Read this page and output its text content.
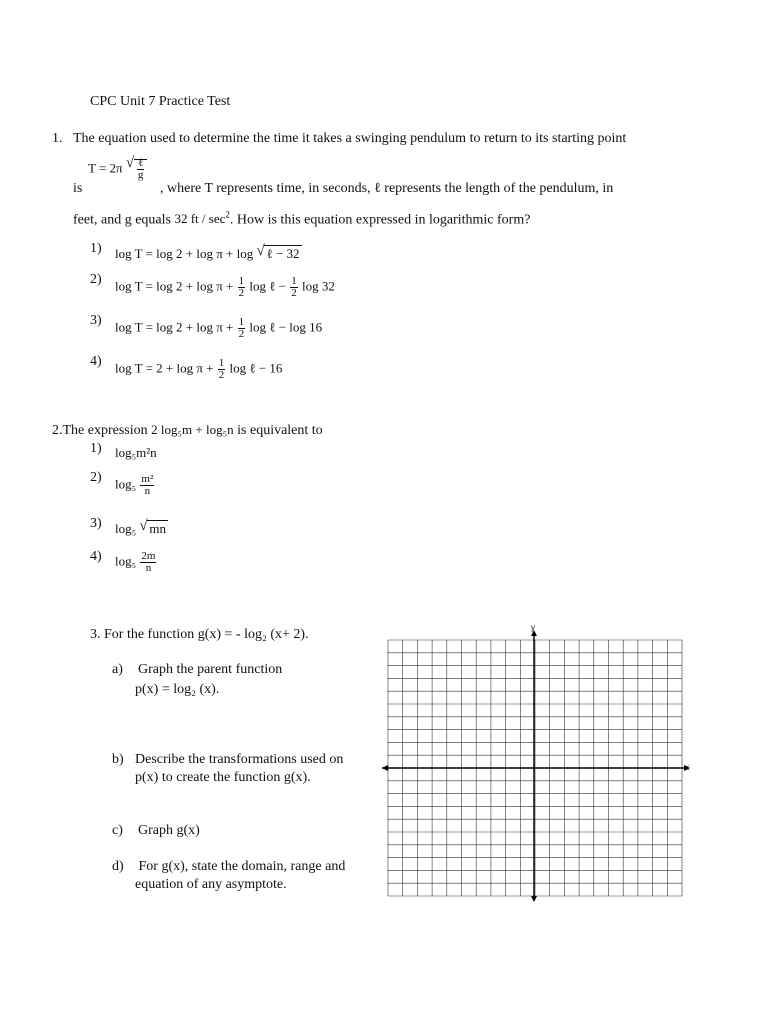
CPC Unit 7 Practice Test
1. The equation used to determine the time it takes a swinging pendulum to return to its starting point
T = 2π √ $\frac{\text{ℓ}}{g}$
is	, where T represents time, in seconds, ℓ represents the length of the pendulum, in
feet, and g equals 32 ft / $\sec^2$. How is this equation expressed in logarithmic form?
1) log T = log 2 + log π + log √ ℓ − 32
2) $\log T = \log 2 + \log \pi + \frac{1}{2}$ log ℓ − $\frac{1}{2}$ log 32
3) $\log T = \log 2 + \log \pi + \frac{1}{2}$ log ℓ − log 16
4) $\log T = 2 + \log \pi + \frac{1}{2}$ log ℓ − 16
2.The expression 2 log₅m + log₅n is equivalent to
1) log₅m²n
2) $\log_5 \frac{\text{m²}}{n}$
3) log₅ √ mn
4) $\log_5 \frac{2m}{n}$
3. For the function g(x) = - log₂ (x+ 2).
a) Graph the parent function
p(x) = log₂ (x).
b) Describe the transformations used on
p(x) to create the function g(x).
c) Graph g(x)
d) For g(x), state the domain, range and
equation of any asymptote.
x
y
